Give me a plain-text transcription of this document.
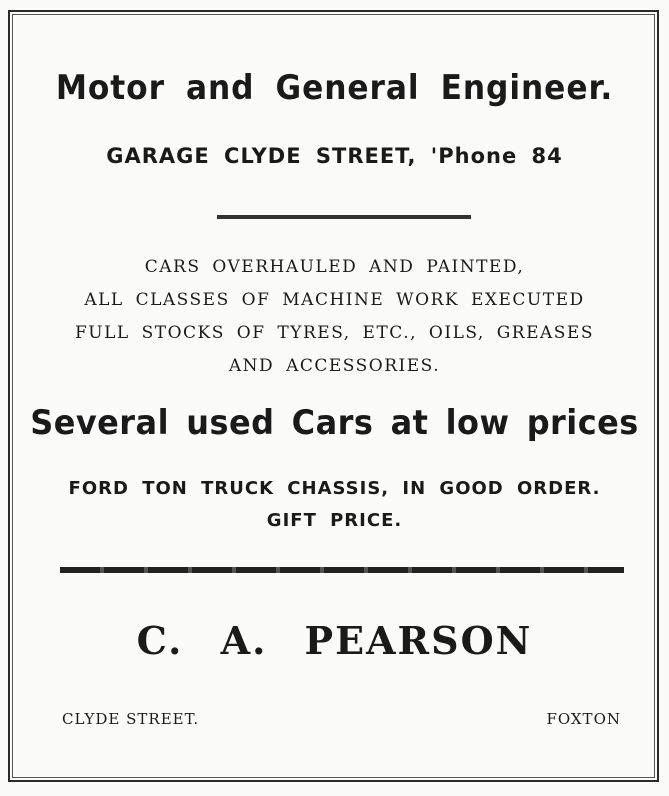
Motor and General Engineer.
GARAGE CLYDE STREET, 'Phone 84
CARS OVERHAULED AND PAINTED,
ALL CLASSES OF MACHINE WORK EXECUTED
FULL STOCKS OF TYRES, ETC., OILS, GREASES
AND ACCESSORIES.
Several used Cars at low prices
FORD TON TRUCK CHASSIS, IN GOOD ORDER.
GIFT PRICE.
C. A. PEARSON
CLYDE STREET.	FOXTON
